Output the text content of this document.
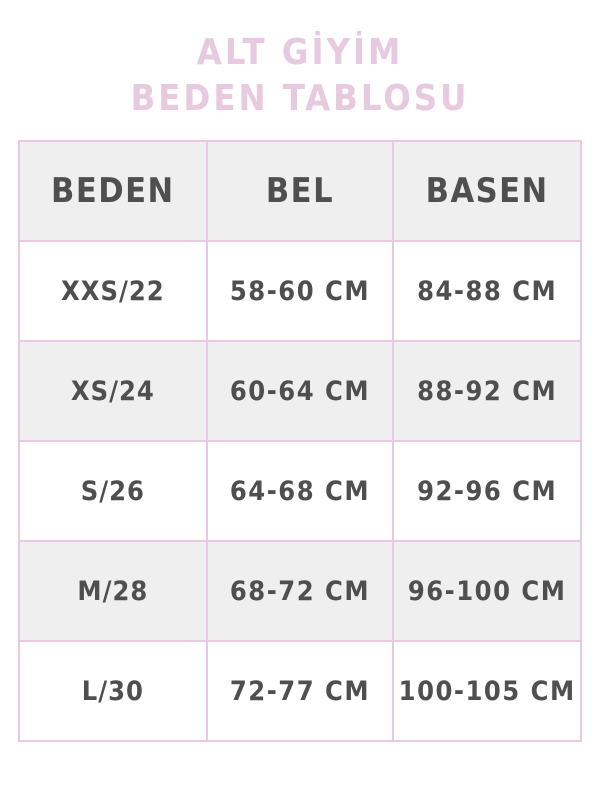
ALT GİYİM
BEDEN TABLOSU
BEDEN	BEL	BASEN
XXS/22	58-60 CM	84-88 CM
XS/24	60-64 CM	88-92 CM
S/26	64-68 CM	92-96 CM
M/28	68-72 CM	96-100 CM
L/30	72-77 CM	100-105 CM
